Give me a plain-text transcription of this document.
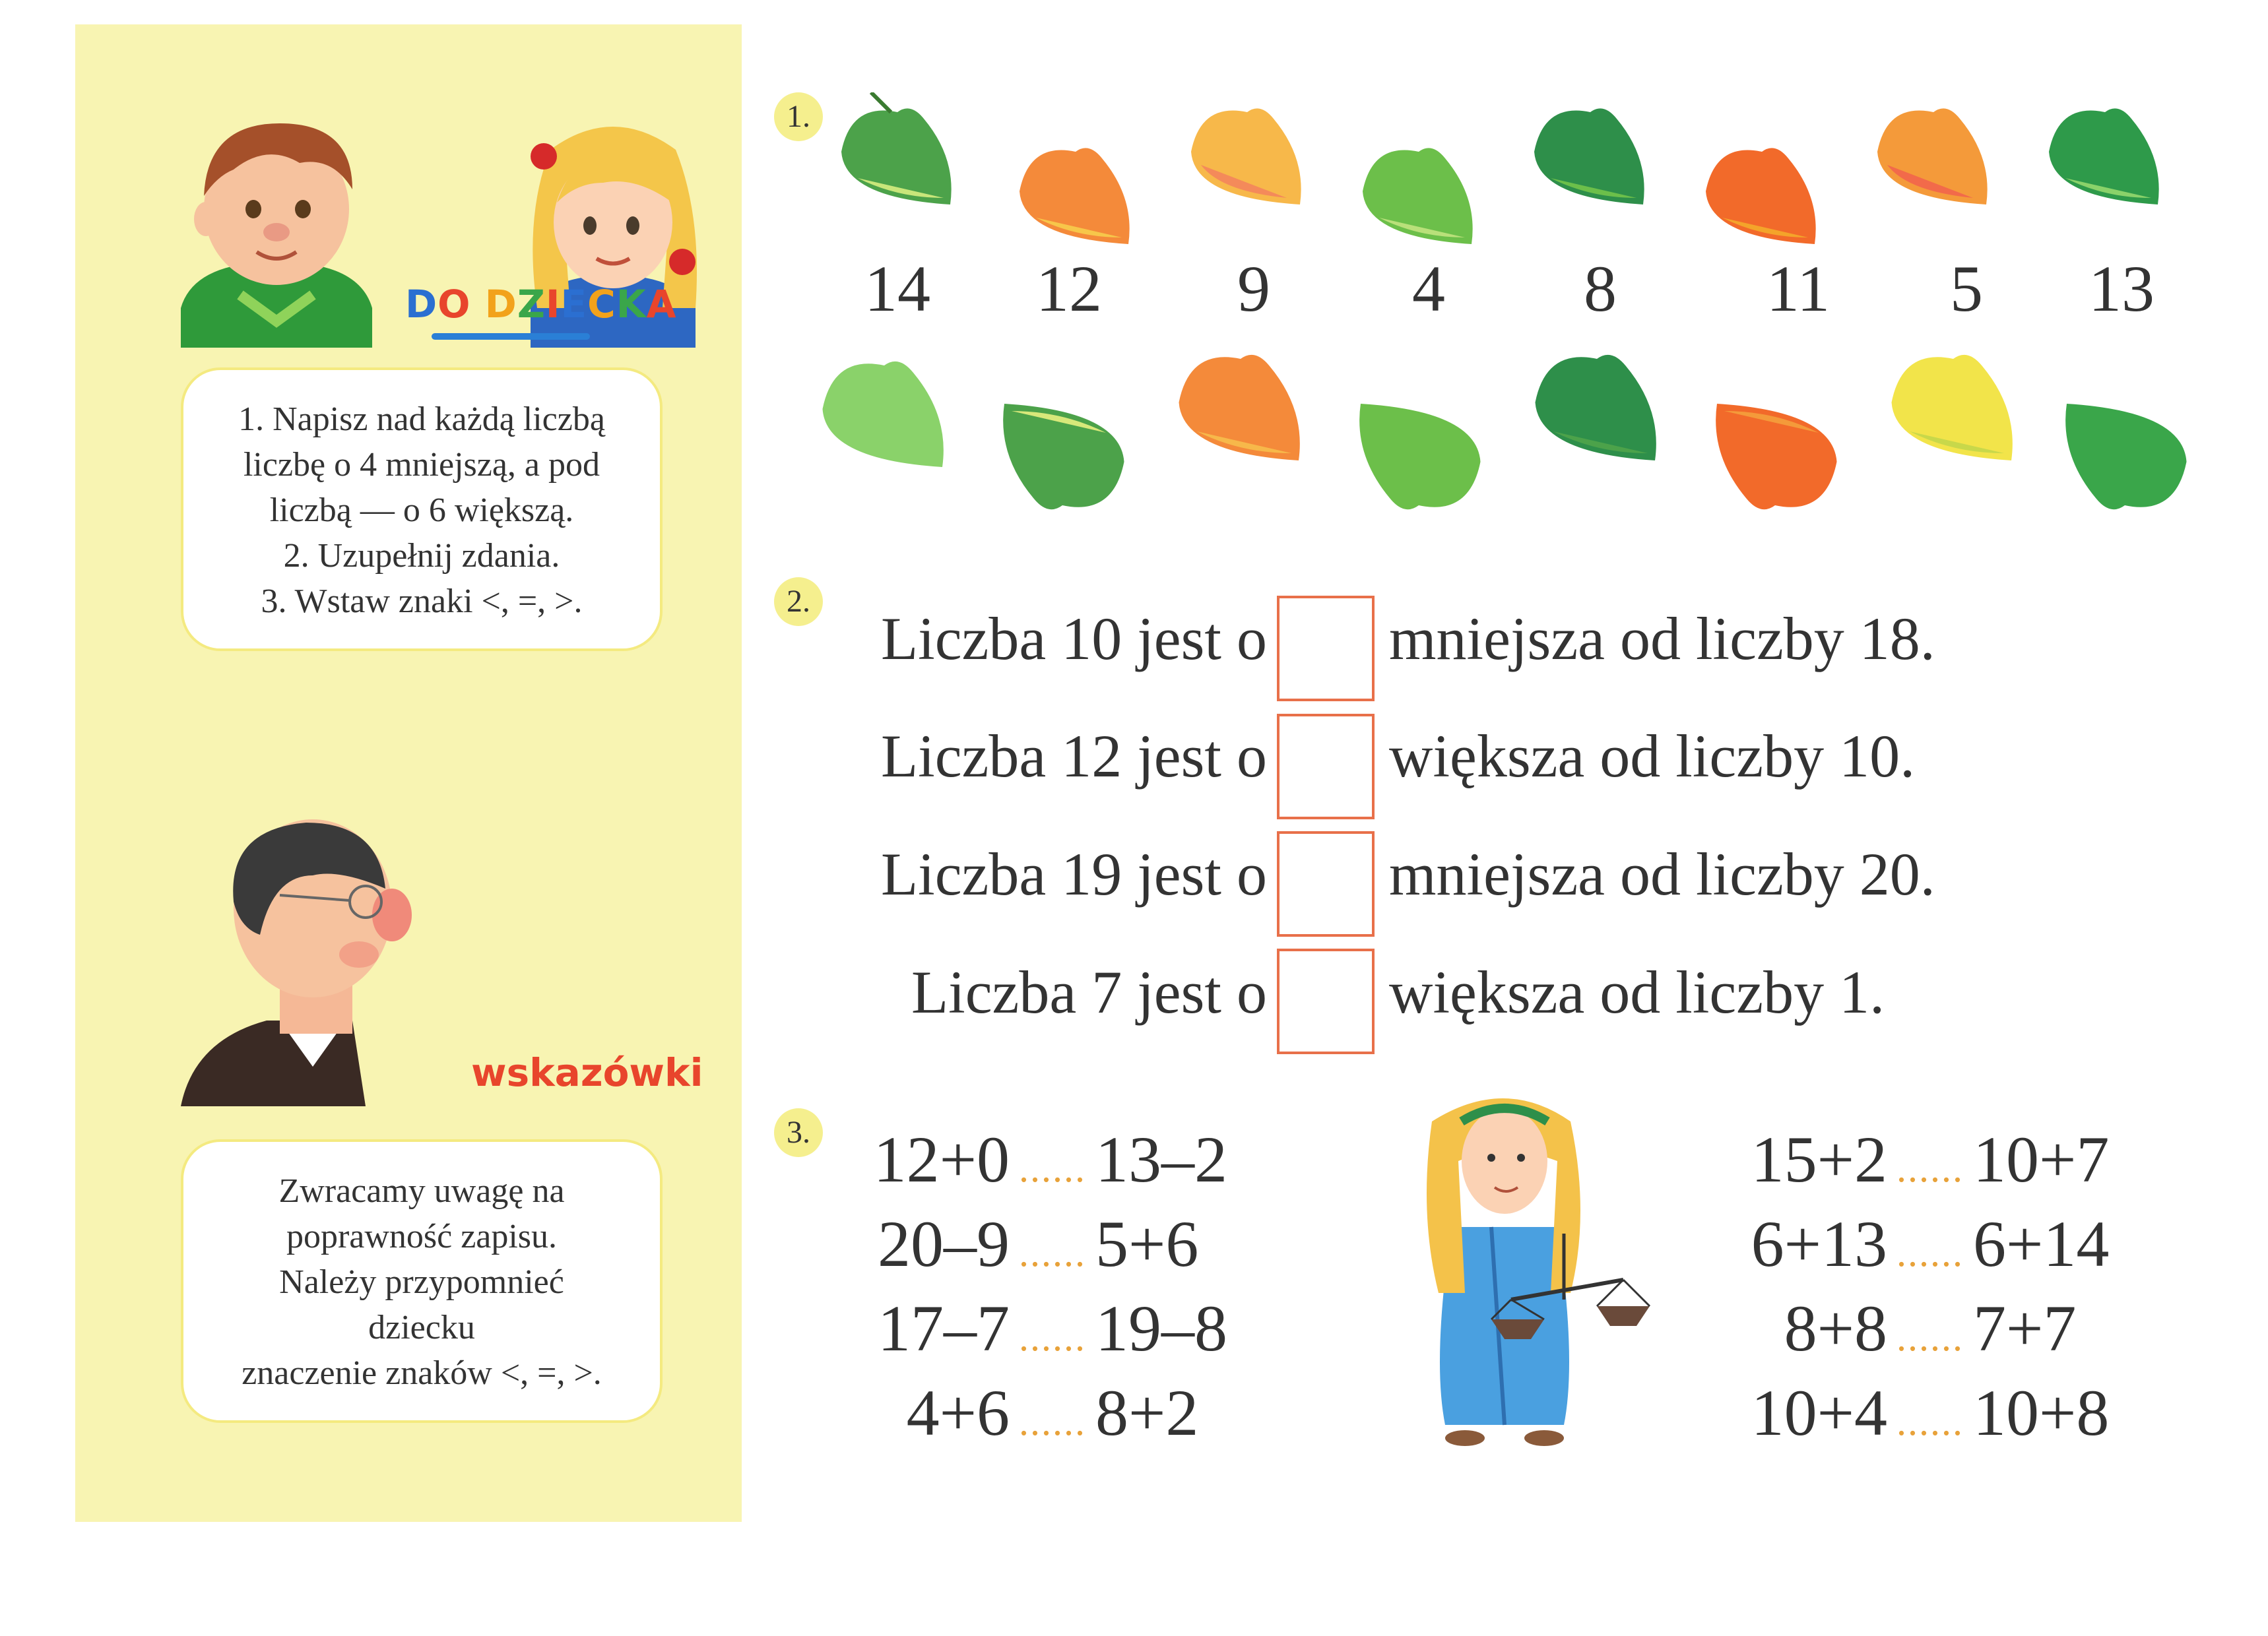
DO DZIECKA
1. Napisz nad każdą liczbą
liczbę o 4 mniejszą, a pod
liczbą — o 6 większą.
2. Uzupełnij zdania.
3. Wstaw znaki <, =, >.
wskazówki
Zwracamy uwagę na
poprawność zapisu.
Należy przypomnieć
dziecku
znaczenie znaków <, =, >.
1.
14	12	9	4	8	11	5	13
2.
Liczba 10 jest o mniejsza od liczby 18.
Liczba 12 jest o większa od liczby 10.
Liczba 19 jest o mniejsza od liczby 20.
Liczba 7 jest o większa od liczby 1.
3. 12+0 ...... 13–2
20–9 ...... 5+6
17–7 ...... 19–8
4+6 ...... 8+2
15+2 ...... 10+7
6+13 ...... 6+14
8+8 ...... 7+7
10+4 ...... 10+8
